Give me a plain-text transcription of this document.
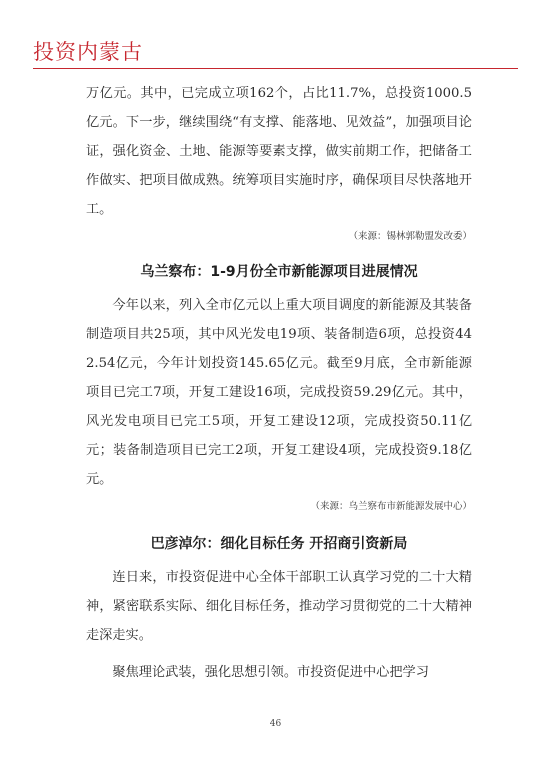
投资内蒙古

万亿元。其中，已完成立项162个，占比11.7%，总投资1000.5亿元。下一步，继续围绕“有支撑、能落地、见效益”，加强项目论证，强化资金、土地、能源等要素支撑，做实前期工作，把储备工作做实、把项目做成熟。统筹项目实施时序，确保项目尽快落地开工。

（来源：锡林郭勒盟发改委）

乌兰察布：1-9月份全市新能源项目进展情况

今年以来，列入全市亿元以上重大项目调度的新能源及其装备制造项目共25项，其中风光发电19项、装备制造6项，总投资442.54亿元，今年计划投资145.65亿元。截至9月底，全市新能源项目已完工7项，开复工建设16项，完成投资59.29亿元。其中，风光发电项目已完工5项，开复工建设12项，完成投资50.11亿元；装备制造项目已完工2项，开复工建设4项，完成投资9.18亿元。

（来源：乌兰察布市新能源发展中心）

巴彦淖尔：细化目标任务 开招商引资新局

连日来，市投资促进中心全体干部职工认真学习党的二十大精神，紧密联系实际、细化目标任务，推动学习贯彻党的二十大精神走深走实。

聚焦理论武装，强化思想引领。市投资促进中心把学习

46
